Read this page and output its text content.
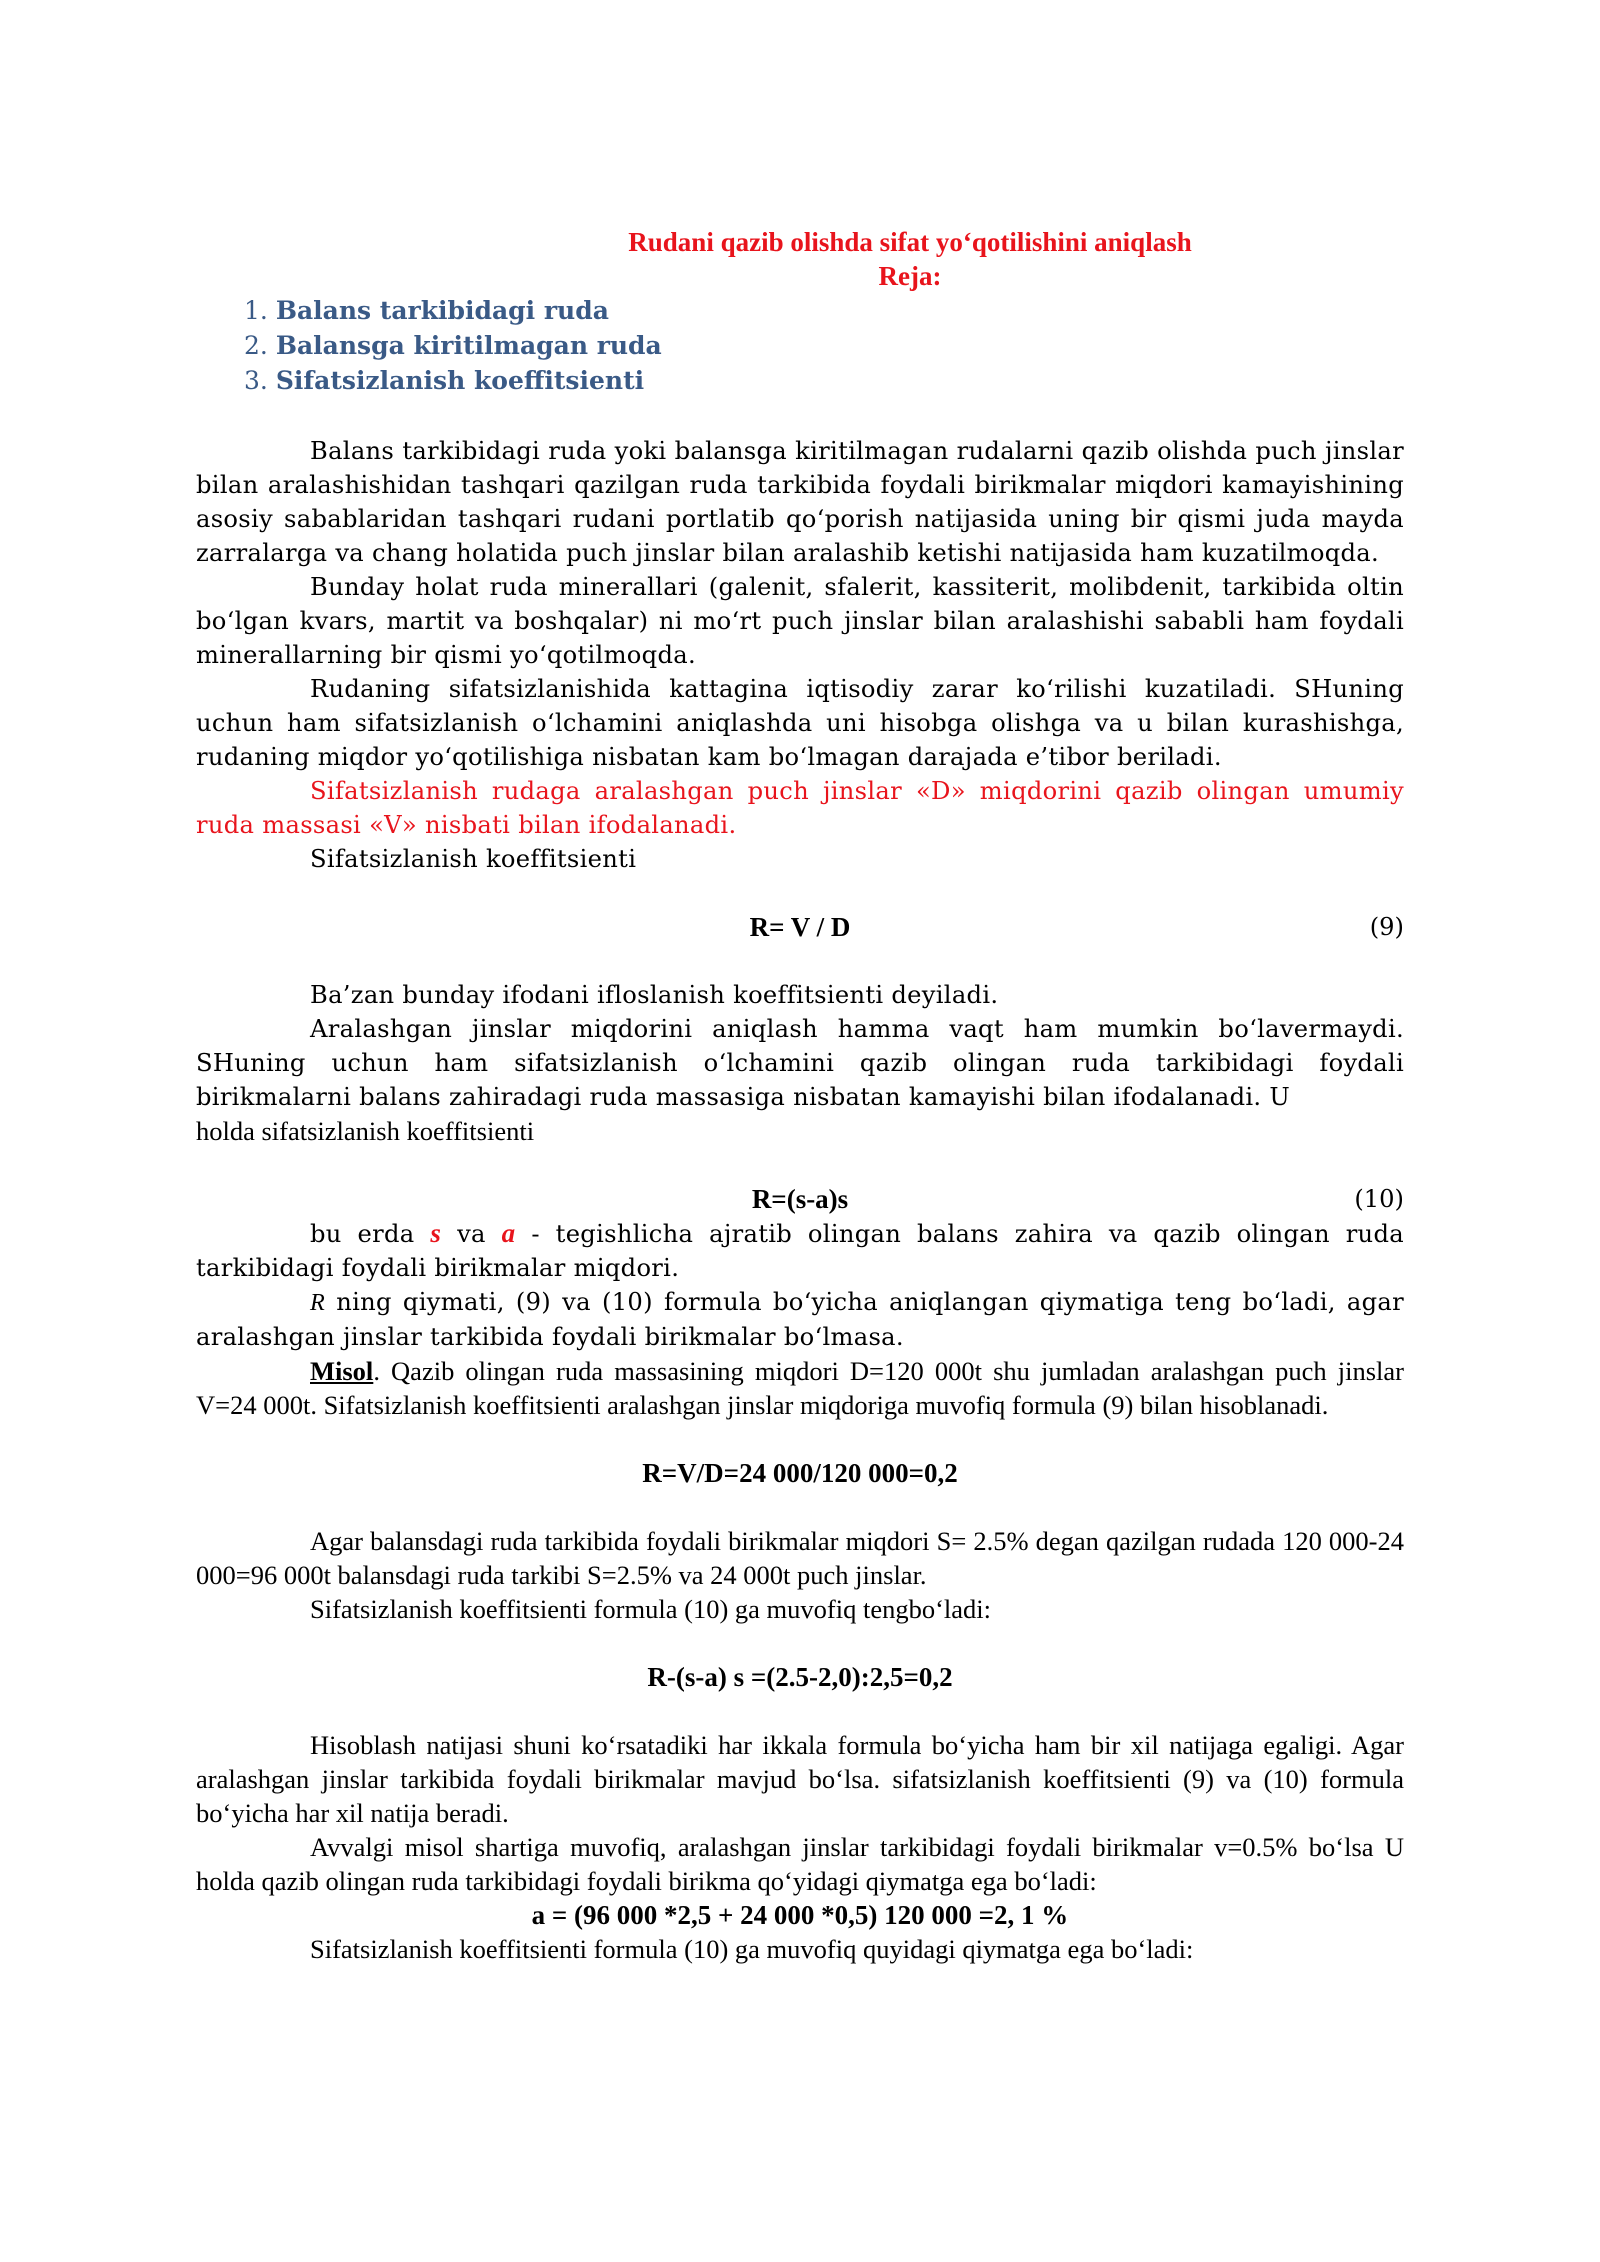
Rudani qazib olishda sifat yo‘qotilishini aniqlash

Reja:

1. Balans tarkibidagi ruda
2. Balansga kiritilmagan ruda
3. Sifatsizlanish koeffitsienti

Balans tarkibidagi ruda yoki balansga kiritilmagan rudalarni qazib olishda puch jinslar bilan aralashishidan tashqari qazilgan ruda tarkibida foydali birikmalar miqdori kamayishining asosiy sabablaridan tashqari rudani portlatib qo‘porish natijasida uning bir qismi juda mayda zarralarga va chang holatida puch jinslar bilan aralashib ketishi natijasida ham kuzatilmoqda.

Bunday holat ruda minerallari (galenit, sfalerit, kassiterit, molibdenit, tarkibida oltin bo‘lgan kvars, martit va boshqalar) ni mo‘rt puch jinslar bilan aralashishi sababli ham foydali minerallarning bir qismi yo‘qotilmoqda.

Rudaning sifatsizlanishida kattagina iqtisodiy zarar ko‘rilishi kuzatiladi. SHuning uchun ham sifatsizlanish o‘lchamini aniqlashda uni hisobga olishga va u bilan kurashishga, rudaning miqdor yo‘qotilishiga nisbatan kam bo‘lmagan darajada e’tibor beriladi.

Sifatsizlanish rudaga aralashgan puch jinslar «D» miqdorini qazib olingan umumiy ruda massasi «V» nisbati bilan ifodalanadi.

Sifatsizlanish koeffitsienti

R= V / D	(9)

Ba’zan bunday ifodani ifloslanish koeffitsienti deyiladi.

Aralashgan jinslar miqdorini aniqlash hamma vaqt ham mumkin bo‘lavermaydi. SHuning uchun ham sifatsizlanish o‘lchamini qazib olingan ruda tarkibidagi foydali birikmalarni balans zahiradagi ruda massasiga nisbatan kamayishi bilan ifodalanadi. U

holda sifatsizlanish koeffitsienti

R=(s-a)s	(10)

bu erda s va a - tegishlicha ajratib olingan balans zahira va qazib olingan ruda tarkibidagi foydali birikmalar miqdori.

R ning qiymati, (9) va (10) formula bo‘yicha aniqlangan qiymatiga teng bo‘ladi, agar aralashgan jinslar tarkibida foydali birikmalar bo‘lmasa.

Misol. Qazib olingan ruda massasining miqdori D=120 000t shu jumladan aralashgan puch jinslar V=24 000t. Sifatsizlanish koeffitsienti aralashgan jinslar miqdoriga muvofiq formula (9) bilan hisoblanadi.

R=V/D=24 000/120 000=0,2

Agar balansdagi ruda tarkibida foydali birikmalar miqdori S= 2.5% degan qazilgan rudada 120 000-24 000=96 000t balansdagi ruda tarkibi S=2.5% va 24 000t puch jinslar.

Sifatsizlanish koeffitsienti formula (10) ga muvofiq tengbo‘ladi:

R-(s-a) s =(2.5-2,0):2,5=0,2

Hisoblash natijasi shuni ko‘rsatadiki har ikkala formula bo‘yicha ham bir xil natijaga egaligi. Agar aralashgan jinslar tarkibida foydali birikmalar mavjud bo‘lsa. sifatsizlanish koeffitsienti (9) va (10) formula bo‘yicha har xil natija beradi.

Avvalgi misol shartiga muvofiq, aralashgan jinslar tarkibidagi foydali birikmalar v=0.5% bo‘lsa U holda qazib olingan ruda tarkibidagi foydali birikma qo‘yidagi qiymatga ega bo‘ladi:

a = (96 000 *2,5 + 24 000 *0,5) 120 000 =2, 1 %

Sifatsizlanish koeffitsienti formula (10) ga muvofiq quyidagi qiymatga ega bo‘ladi:
